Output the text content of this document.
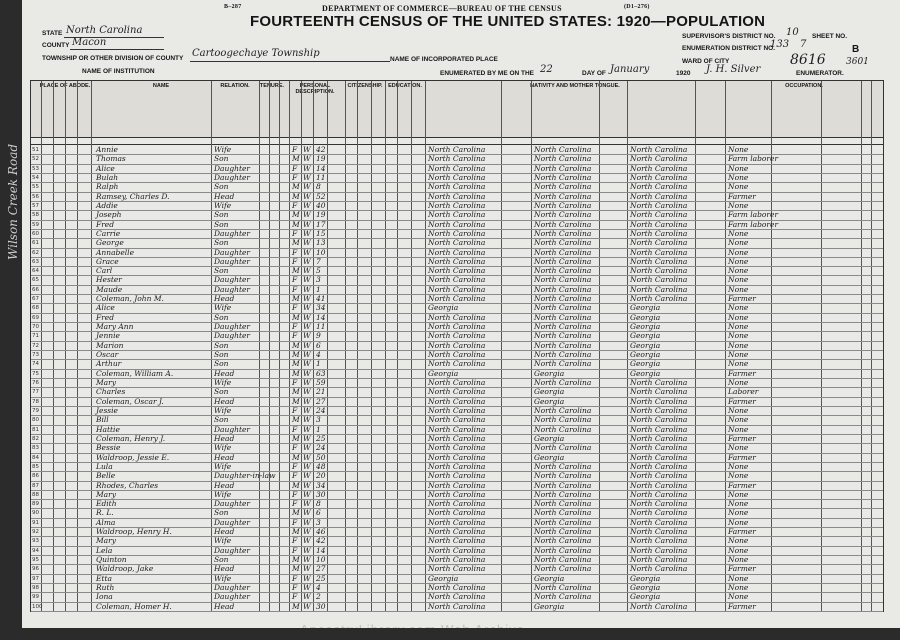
B–287	DEPARTMENT OF COMMERCE—BUREAU OF THE CENSUS	(D1–276)
FOURTEENTH CENSUS OF THE UNITED STATES: 1920—POPULATION
STATE North Carolina
COUNTY Macon
TOWNSHIP OR OTHER DIVISION OF COUNTY Cartoogechaye Township
NAME OF INSTITUTION
NAME OF INCORPORATED PLACE
ENUMERATED BY ME ON THE 22	DAY OF January	1920 J. H. Silver	ENUMERATOR.
SUPERVISOR'S DISTRICT NO. 10
ENUMERATION DISTRICT NO.
133
WARD OF CITY
SHEET NO.
7	B
8616 3601
PLACE OF ABODE.	NAME	RELATION.	TENURE.	PERSONAL DESCRIPTION.
CITIZENSHIP.	EDUCATION.	NATIVITY AND MOTHER TONGUE.	OCCUPATION.
51	Annie	Wife	F W 42	North Carolina	North Carolina	North Carolina	None
52	Thomas	Son	M W 19	North Carolina	North Carolina	North Carolina	Farm laborer
53	Alice	Daughter	F W 14	North Carolina	North Carolina	North Carolina	None
54	Bulah	Daughter	F W 11	North Carolina	North Carolina	North Carolina	None
55	Ralph	Son	M W 8	North Carolina	North Carolina	North Carolina	None
56	Ramsey, Charles D.	Head	M W 52	North Carolina	North Carolina	North Carolina	Farmer
57	Addie	Wife	F W 40	North Carolina	North Carolina	North Carolina	None
58	Joseph	Son	M W 19	North Carolina	North Carolina	North Carolina	Farm laborer
59	Fred	Son	M W 17	North Carolina	North Carolina	North Carolina	Farm laborer
60	Carrie	Daughter	F W 15	North Carolina	North Carolina	North Carolina	None
61	George	Son	M W 13	North Carolina	North Carolina	North Carolina	None
62	Annabelle	Daughter	F W 10	North Carolina	North Carolina	North Carolina	None
63	Grace	Daughter	F W 7	North Carolina	North Carolina	North Carolina	None
64	Carl	Son	M W 5	North Carolina	North Carolina	North Carolina	None
65	Hester	Daughter	F W 3	North Carolina	North Carolina	North Carolina	None
66	Maude	Daughter	F W 1	North Carolina	North Carolina	North Carolina	None
67	Coleman, John M.	Head	M W 41	North Carolina	North Carolina	North Carolina	Farmer
68	Alice	Wife	F W 34	Georgia	North Carolina	Georgia	None
69	Fred	Son	M W 14	North Carolina	North Carolina	Georgia	None
70	Mary Ann	Daughter	F W 11	North Carolina	North Carolina	Georgia	None
71	Jennie	Daughter	F W 9	North Carolina	North Carolina	Georgia	None
72	Marion	Son	M W 6	North Carolina	North Carolina	Georgia	None
73	Oscar	Son	M W 4	North Carolina	North Carolina	Georgia	None
74	Arthur	Son	M W 1	North Carolina	North Carolina	Georgia	None
75	Coleman, William A.	Head	M W 63	Georgia	Georgia	Georgia	Farmer
76	Mary	Wife	F W 59	North Carolina	North Carolina	North Carolina	None
77	Charles	Son	M W 21	North Carolina	Georgia	North Carolina	Laborer
78	Coleman, Oscar J.	Head	M W 27	North Carolina	Georgia	North Carolina	Farmer
79	Jessie	Wife	F W 24	North Carolina	North Carolina	North Carolina	None
80	Bill	Son	M W 3	North Carolina	North Carolina	North Carolina	None
81	Hattie	Daughter	F W 1	North Carolina	North Carolina	North Carolina	None
82	Coleman, Henry J.	Head	M W 25	North Carolina	Georgia	North Carolina	Farmer
83	Bessie	Wife	F W 24	North Carolina	North Carolina	North Carolina	None
84	Waldroop, Jessie E.	Head	M W 50	North Carolina	Georgia	North Carolina	Farmer
85	Lula	Wife	F W 48	North Carolina	North Carolina	North Carolina	None
86	Belle	Daughter-in-law F W 20	North Carolina	North Carolina	North Carolina	None
87	Rhodes, Charles	Head	M W 34	North Carolina	North Carolina	North Carolina	Farmer
88	Mary	Wife	F W 30	North Carolina	North Carolina	North Carolina	None
89	Edith	Daughter	F W 8	North Carolina	North Carolina	North Carolina	None
90	R. L.	Son	M W 6	North Carolina	North Carolina	North Carolina	None
91	Alma	Daughter	F W 3	North Carolina	North Carolina	North Carolina	None
92	Waldroop, Henry H.	Head	M W 46	North Carolina	North Carolina	North Carolina	Farmer
93	Mary	Wife	F W 42	North Carolina	North Carolina	North Carolina	None
94	Lela	Daughter	F W 14	North Carolina	North Carolina	North Carolina	None
95	Quinton	Son	M W 10	North Carolina	North Carolina	North Carolina	None
96	Waldroop, Jake	Head	M W 27	North Carolina	North Carolina	North Carolina	Farmer
97	Etta	Wife	F W 25	Georgia	Georgia	Georgia	None
98	Ruth	Daughter	F W 4	North Carolina	North Carolina	Georgia	None
99	Iona	Daughter	F W 2	North Carolina	North Carolina	Georgia	None
100	Coleman, Homer H.	Head	M W 30	North Carolina	Georgia	North Carolina	Farmer
Wilson Creek Road
